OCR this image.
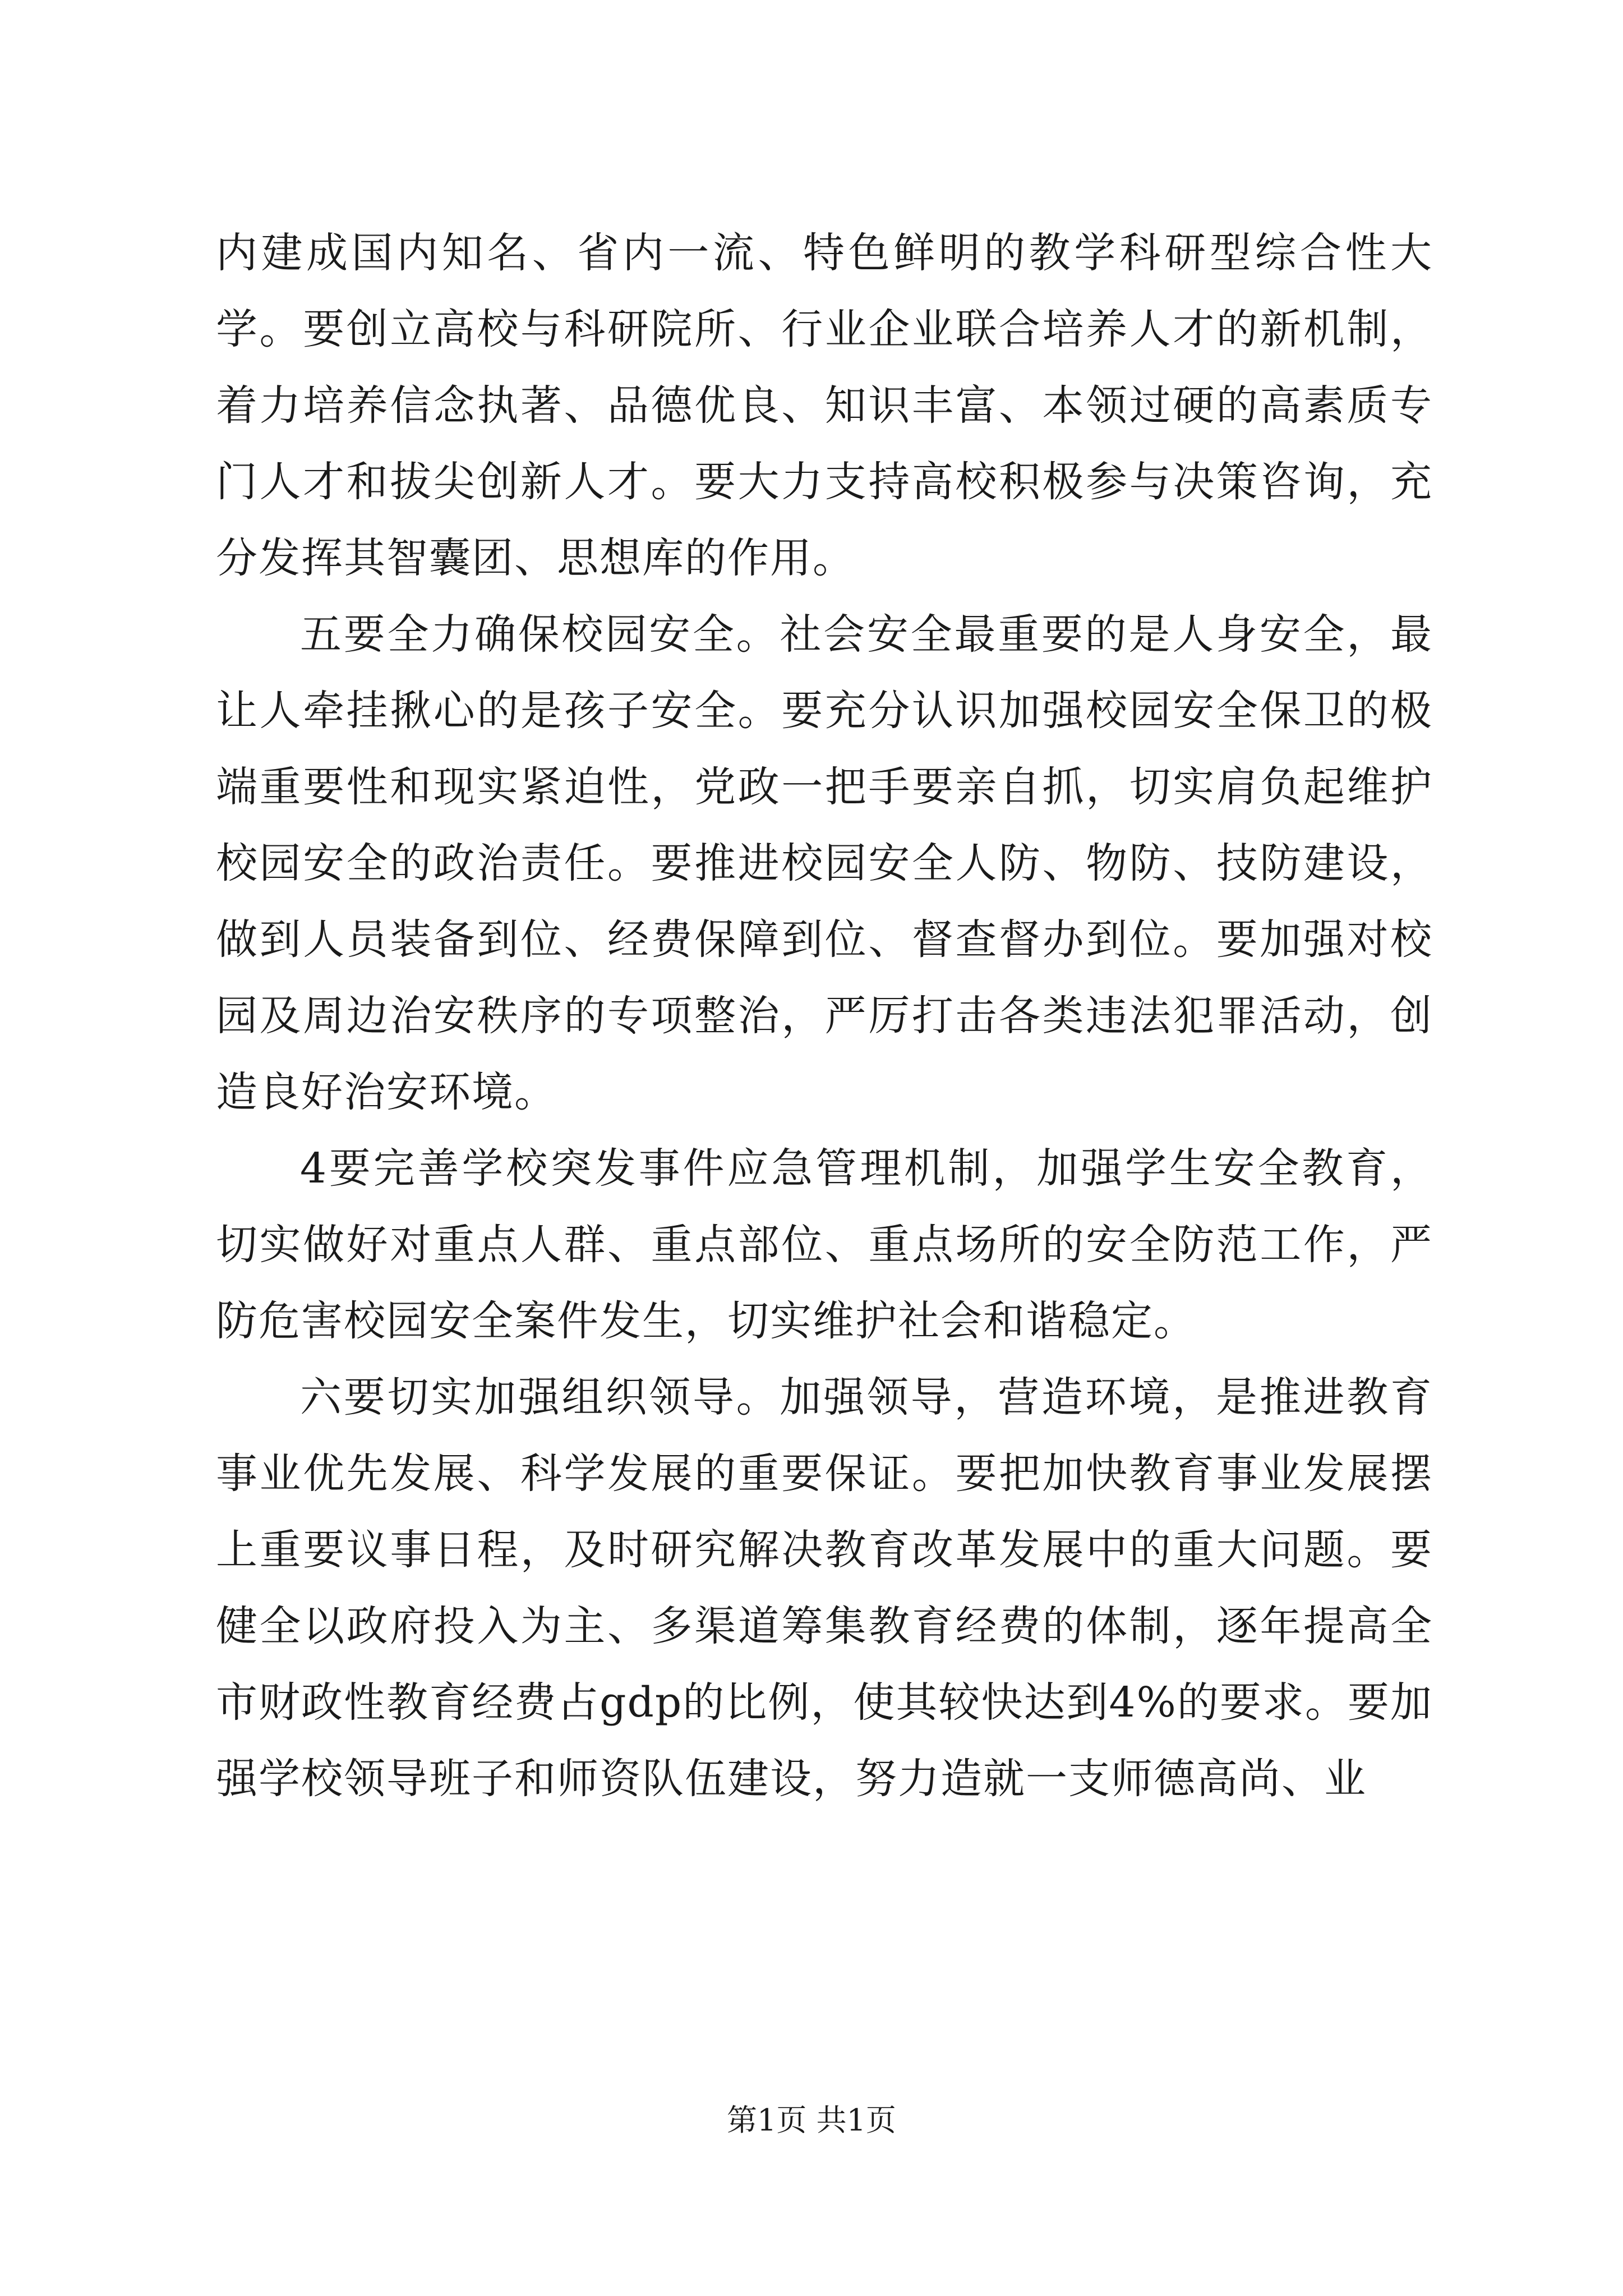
内建成国内知名、省内一流、特色鲜明的教学科研型综合性大学。要创立高校与科研院所、行业企业联合培养人才的新机制，着力培养信念执著、品德优良、知识丰富、本领过硬的高素质专门人才和拔尖创新人才。要大力支持高校积极参与决策咨询，充分发挥其智囊团、思想库的作用。

五要全力确保校园安全。社会安全最重要的是人身安全，最让人牵挂揪心的是孩子安全。要充分认识加强校园安全保卫的极端重要性和现实紧迫性，党政一把手要亲自抓，切实肩负起维护校园安全的政治责任。要推进校园安全人防、物防、技防建设，做到人员装备到位、经费保障到位、督查督办到位。要加强对校园及周边治安秩序的专项整治，严厉打击各类违法犯罪活动，创造良好治安环境。

4要完善学校突发事件应急管理机制，加强学生安全教育，切实做好对重点人群、重点部位、重点场所的安全防范工作，严防危害校园安全案件发生，切实维护社会和谐稳定。

六要切实加强组织领导。加强领导，营造环境，是推进教育事业优先发展、科学发展的重要保证。要把加快教育事业发展摆上重要议事日程，及时研究解决教育改革发展中的重大问题。要健全以政府投入为主、多渠道筹集教育经费的体制，逐年提高全市财政性教育经费占gdp的比例，使其较快达到4%的要求。要加强学校领导班子和师资队伍建设，努力造就一支师德高尚、业

第1页 共1页
